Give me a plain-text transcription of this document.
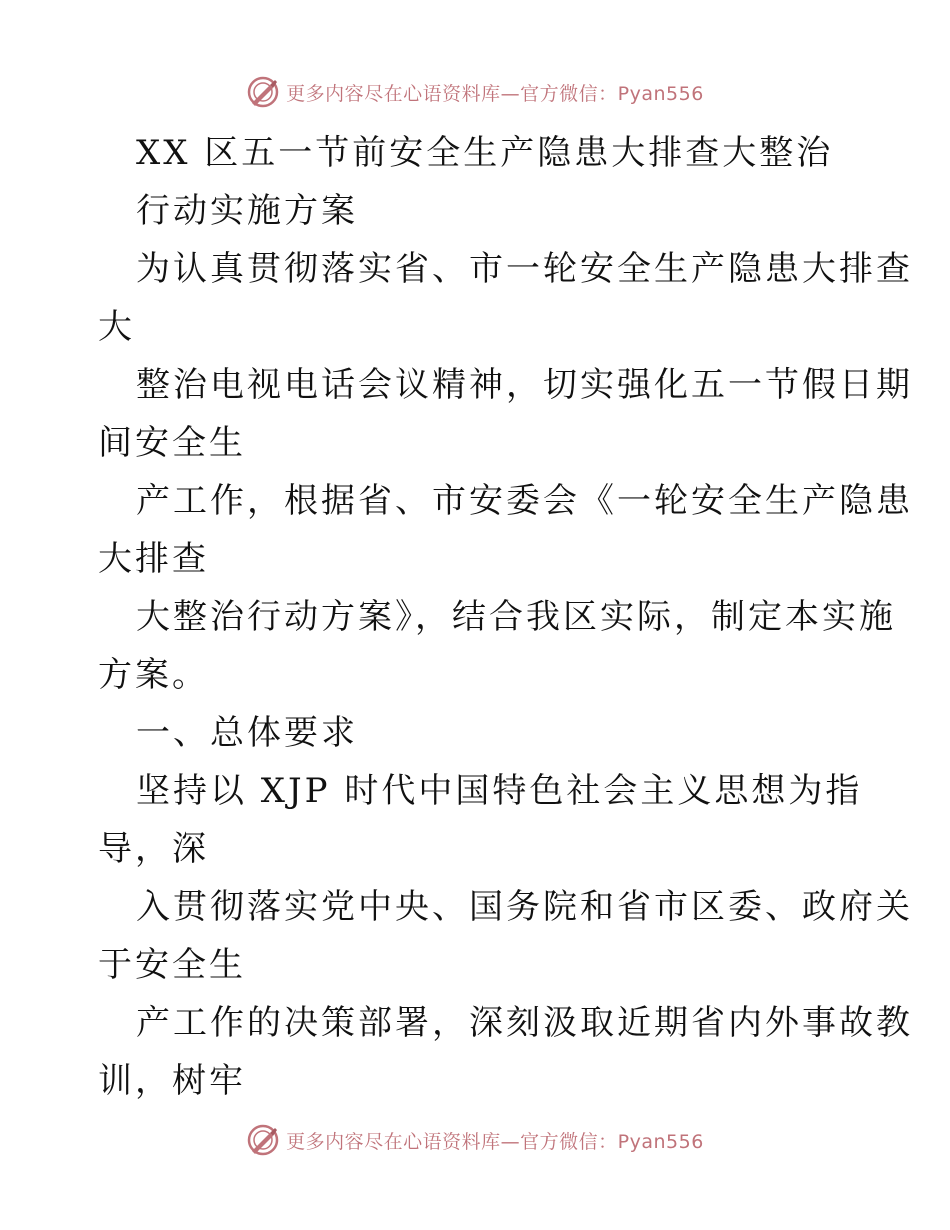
更多内容尽在心语资料库—官方微信：Pyan556
XX 区五一节前安全生产隐患大排查大整治
行动实施方案
为认真贯彻落实省、市一轮安全生产隐患大排查
大
整治电视电话会议精神，切实强化五一节假日期
间安全生
产工作，根据省、市安委会《一轮安全生产隐患
大排查
大整治行动方案》，结合我区实际，制定本实施
方案。
一、总体要求
坚持以 XJP 时代中国特色社会主义思想为指
导，深
入贯彻落实党中央、国务院和省市区委、政府关
于安全生
产工作的决策部署，深刻汲取近期省内外事故教
训，树牢
更多内容尽在心语资料库—官方微信：Pyan556
